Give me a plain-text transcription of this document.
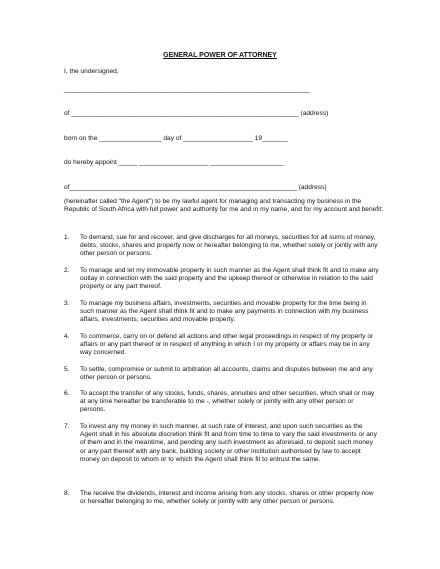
GENERAL POWER OF ATTORNEY
I, the undersigned,
___________________________________________________________________
of ______________________________________________________________ (address)
born on the _________________ day of ___________________ 19_______
do hereby appoint _____ ___________________ ____________________
of______________________________________________________________ (address)
(hereinafter called "the Agent") to be my lawful agent for managing and transacting my business in the Republic of South Africa with full power and authority for me and in my name, and for my account and benefit:
1. To demand, sue for and recover, and give discharges for all moneys, securities for all sums of money, debts, stocks, shares and property now or hereafter belonging to me, whether solely or jointly with any other person or persons.
2. To manage and let my immovable property in such manner as the Agent shall think fit and to make any outlay in connection with the said property and the upkeep thereof or otherwise in relation to the said property or any part thereof.
3. To manage my business affairs, investments, securities and movable property for the time being in such manner as the Agent shall think fit and to make any payments in connection with my business affairs, investments, securities and movable property.
4. To commerce, carry on or defend all actions and other legal proceedings in respect of my property or affairs or any part thereof or in respect of anything in which I or my property or affairs may be in any way concerned.
5. To settle, compromise or submit to arbitration all accounts, claims and disputes between me and any other person or persons.
6. To accept the transfer of any stocks, funds, shares, annuities and other securities, which shall or may at any time hereafter be transferable to me -, whether solely or jointly with any other person or persons.
7. To invest any my money in such manner, at such rate of interest, and upon such securities as the Agent shall in his absolute discretion think fit and from time to time to vary the said investments or any of them and in the meantime, and pending any such investment as aforesaid, to deposit such money or any part thereof with any bank, building society or other institution authorised by law to accept money on deposit to whom or to which the Agent shall think fit to entrust the same.
8. The receive the dividends, interest and income arising from any stocks, shares or other property now or hereafter belonging to me, whether solely or jointly with any other person or persons.
